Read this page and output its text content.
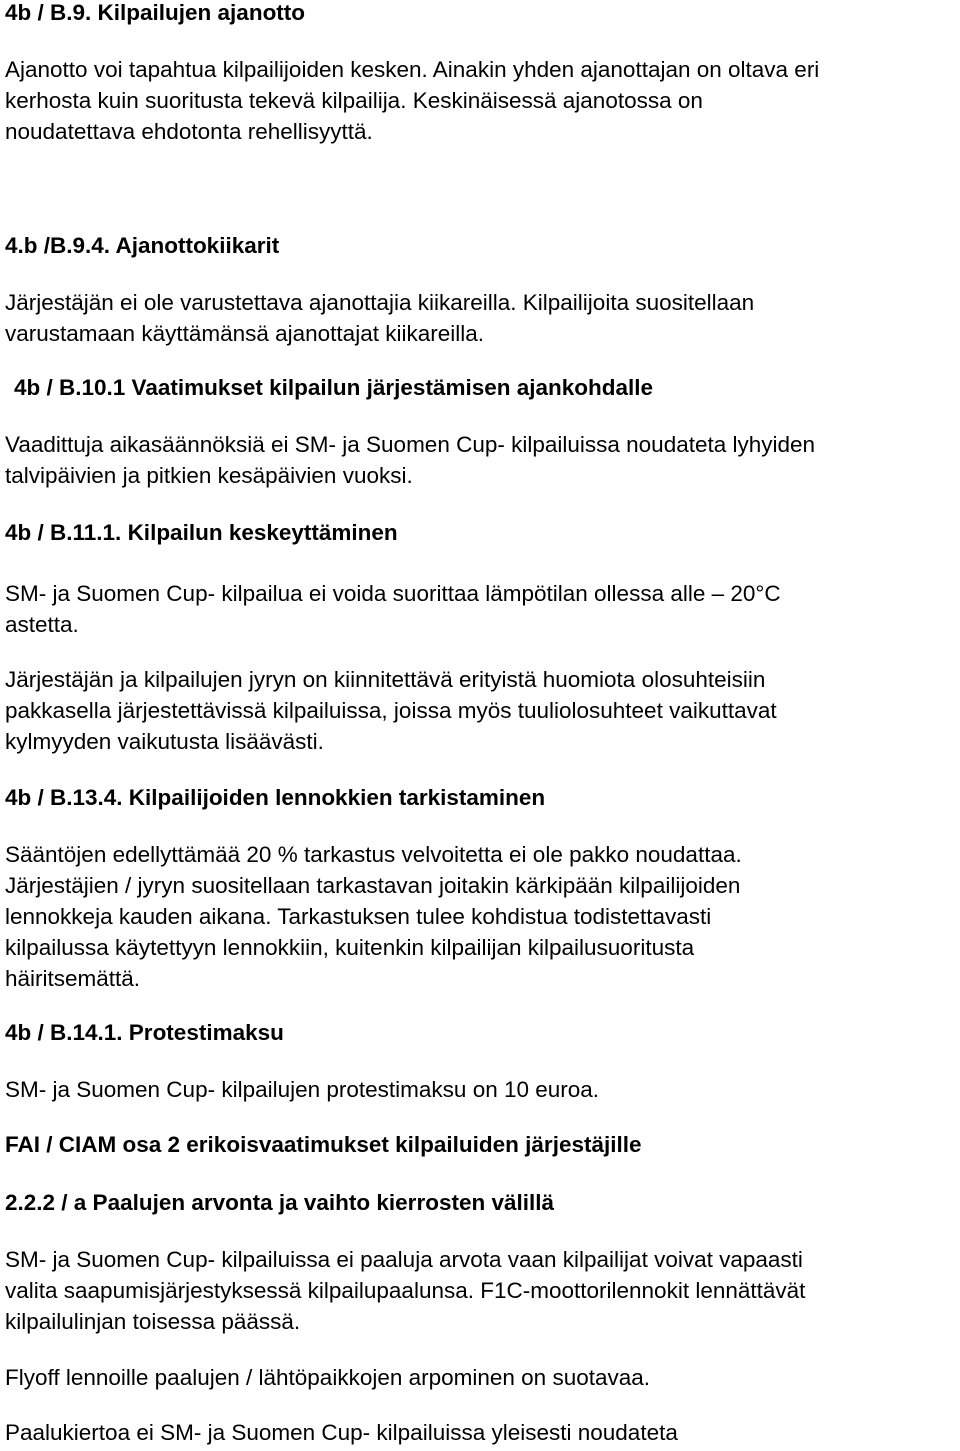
4b / B.9. Kilpailujen ajanotto

Ajanotto voi tapahtua kilpailijoiden kesken. Ainakin yhden ajanottajan on oltava eri

kerhosta kuin suoritusta tekevä kilpailija. Keskinäisessä ajanotossa on

noudatettava ehdotonta rehellisyyttä.

4.b /B.9.4. Ajanottokiikarit

Järjestäjän ei ole varustettava ajanottajia kiikareilla. Kilpailijoita suositellaan

varustamaan käyttämänsä ajanottajat kiikareilla.

4b / B.10.1 Vaatimukset kilpailun järjestämisen ajankohdalle

Vaadittuja aikasäännöksiä ei SM- ja Suomen Cup- kilpailuissa noudateta lyhyiden

talvipäivien ja pitkien kesäpäivien vuoksi.

4b / B.11.1. Kilpailun keskeyttäminen

SM- ja Suomen Cup- kilpailua ei voida suorittaa lämpötilan ollessa alle – 20°C

astetta.

Järjestäjän ja kilpailujen jyryn on kiinnitettävä erityistä huomiota olosuhteisiin

pakkasella järjestettävissä kilpailuissa, joissa myös tuuliolosuhteet vaikuttavat

kylmyyden vaikutusta lisäävästi.

4b / B.13.4. Kilpailijoiden lennokkien tarkistaminen

Sääntöjen edellyttämää 20 % tarkastus velvoitetta ei ole pakko noudattaa.

Järjestäjien / jyryn suositellaan tarkastavan joitakin kärkipään kilpailijoiden

lennokkeja kauden aikana. Tarkastuksen tulee kohdistua todistettavasti

kilpailussa käytettyyn lennokkiin, kuitenkin kilpailijan kilpailusuoritusta

häiritsemättä.

4b / B.14.1. Protestimaksu

SM- ja Suomen Cup- kilpailujen protestimaksu on 10 euroa.

FAI / CIAM osa 2 erikoisvaatimukset kilpailuiden järjestäjille

2.2.2 / a Paalujen arvonta ja vaihto kierrosten välillä

SM- ja Suomen Cup- kilpailuissa ei paaluja arvota vaan kilpailijat voivat vapaasti

valita saapumisjärjestyksessä kilpailupaalunsa. F1C-moottorilennokit lennättävät

kilpailulinjan toisessa päässä.

Flyoff lennoille paalujen / lähtöpaikkojen arpominen on suotavaa.

Paalukiertoa ei SM- ja Suomen Cup- kilpailuissa yleisesti noudateta
